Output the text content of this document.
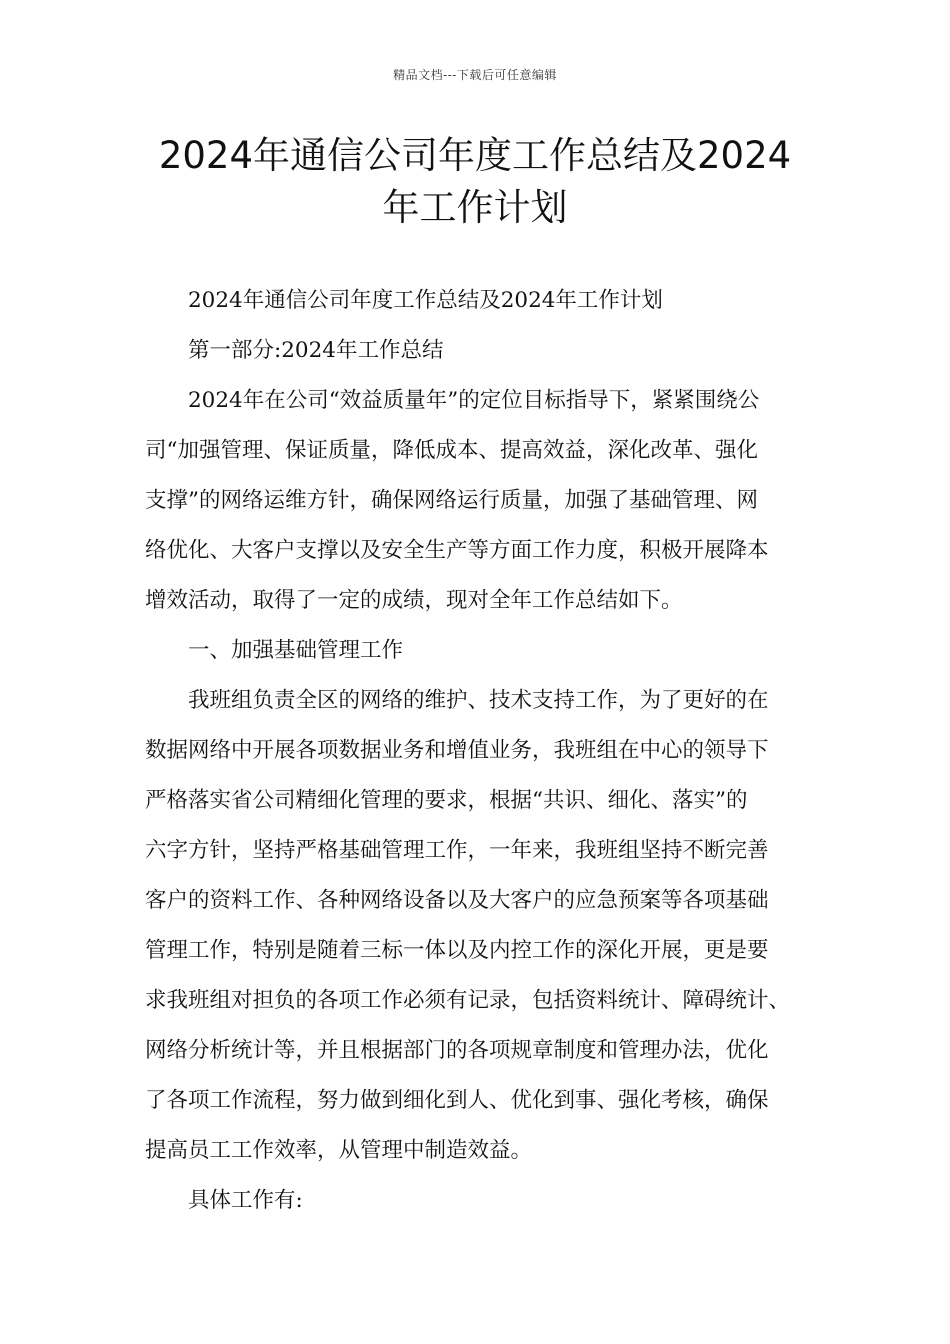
精品文档---下载后可任意编辑
2024年通信公司年度工作总结及2024
年工作计划

2024年通信公司年度工作总结及2024年工作计划

第一部分:2024年工作总结

2024年在公司“效益质量年”的定位目标指导下，紧紧围绕公
司“加强管理、保证质量，降低成本、提高效益，深化改革、强化
支撑”的网络运维方针，确保网络运行质量，加强了基础管理、网
络优化、大客户支撑以及安全生产等方面工作力度，积极开展降本
增效活动，取得了一定的成绩，现对全年工作总结如下。

一、加强基础管理工作

我班组负责全区的网络的维护、技术支持工作，为了更好的在
数据网络中开展各项数据业务和增值业务，我班组在中心的领导下
严格落实省公司精细化管理的要求，根据“共识、细化、落实”的
六字方针，坚持严格基础管理工作，一年来，我班组坚持不断完善
客户的资料工作、各种网络设备以及大客户的应急预案等各项基础
管理工作，特别是随着三标一体以及内控工作的深化开展，更是要
求我班组对担负的各项工作必须有记录，包括资料统计、障碍统计、
网络分析统计等，并且根据部门的各项规章制度和管理办法，优化
了各项工作流程，努力做到细化到人、优化到事、强化考核，确保
提高员工工作效率，从管理中制造效益。

具体工作有:
